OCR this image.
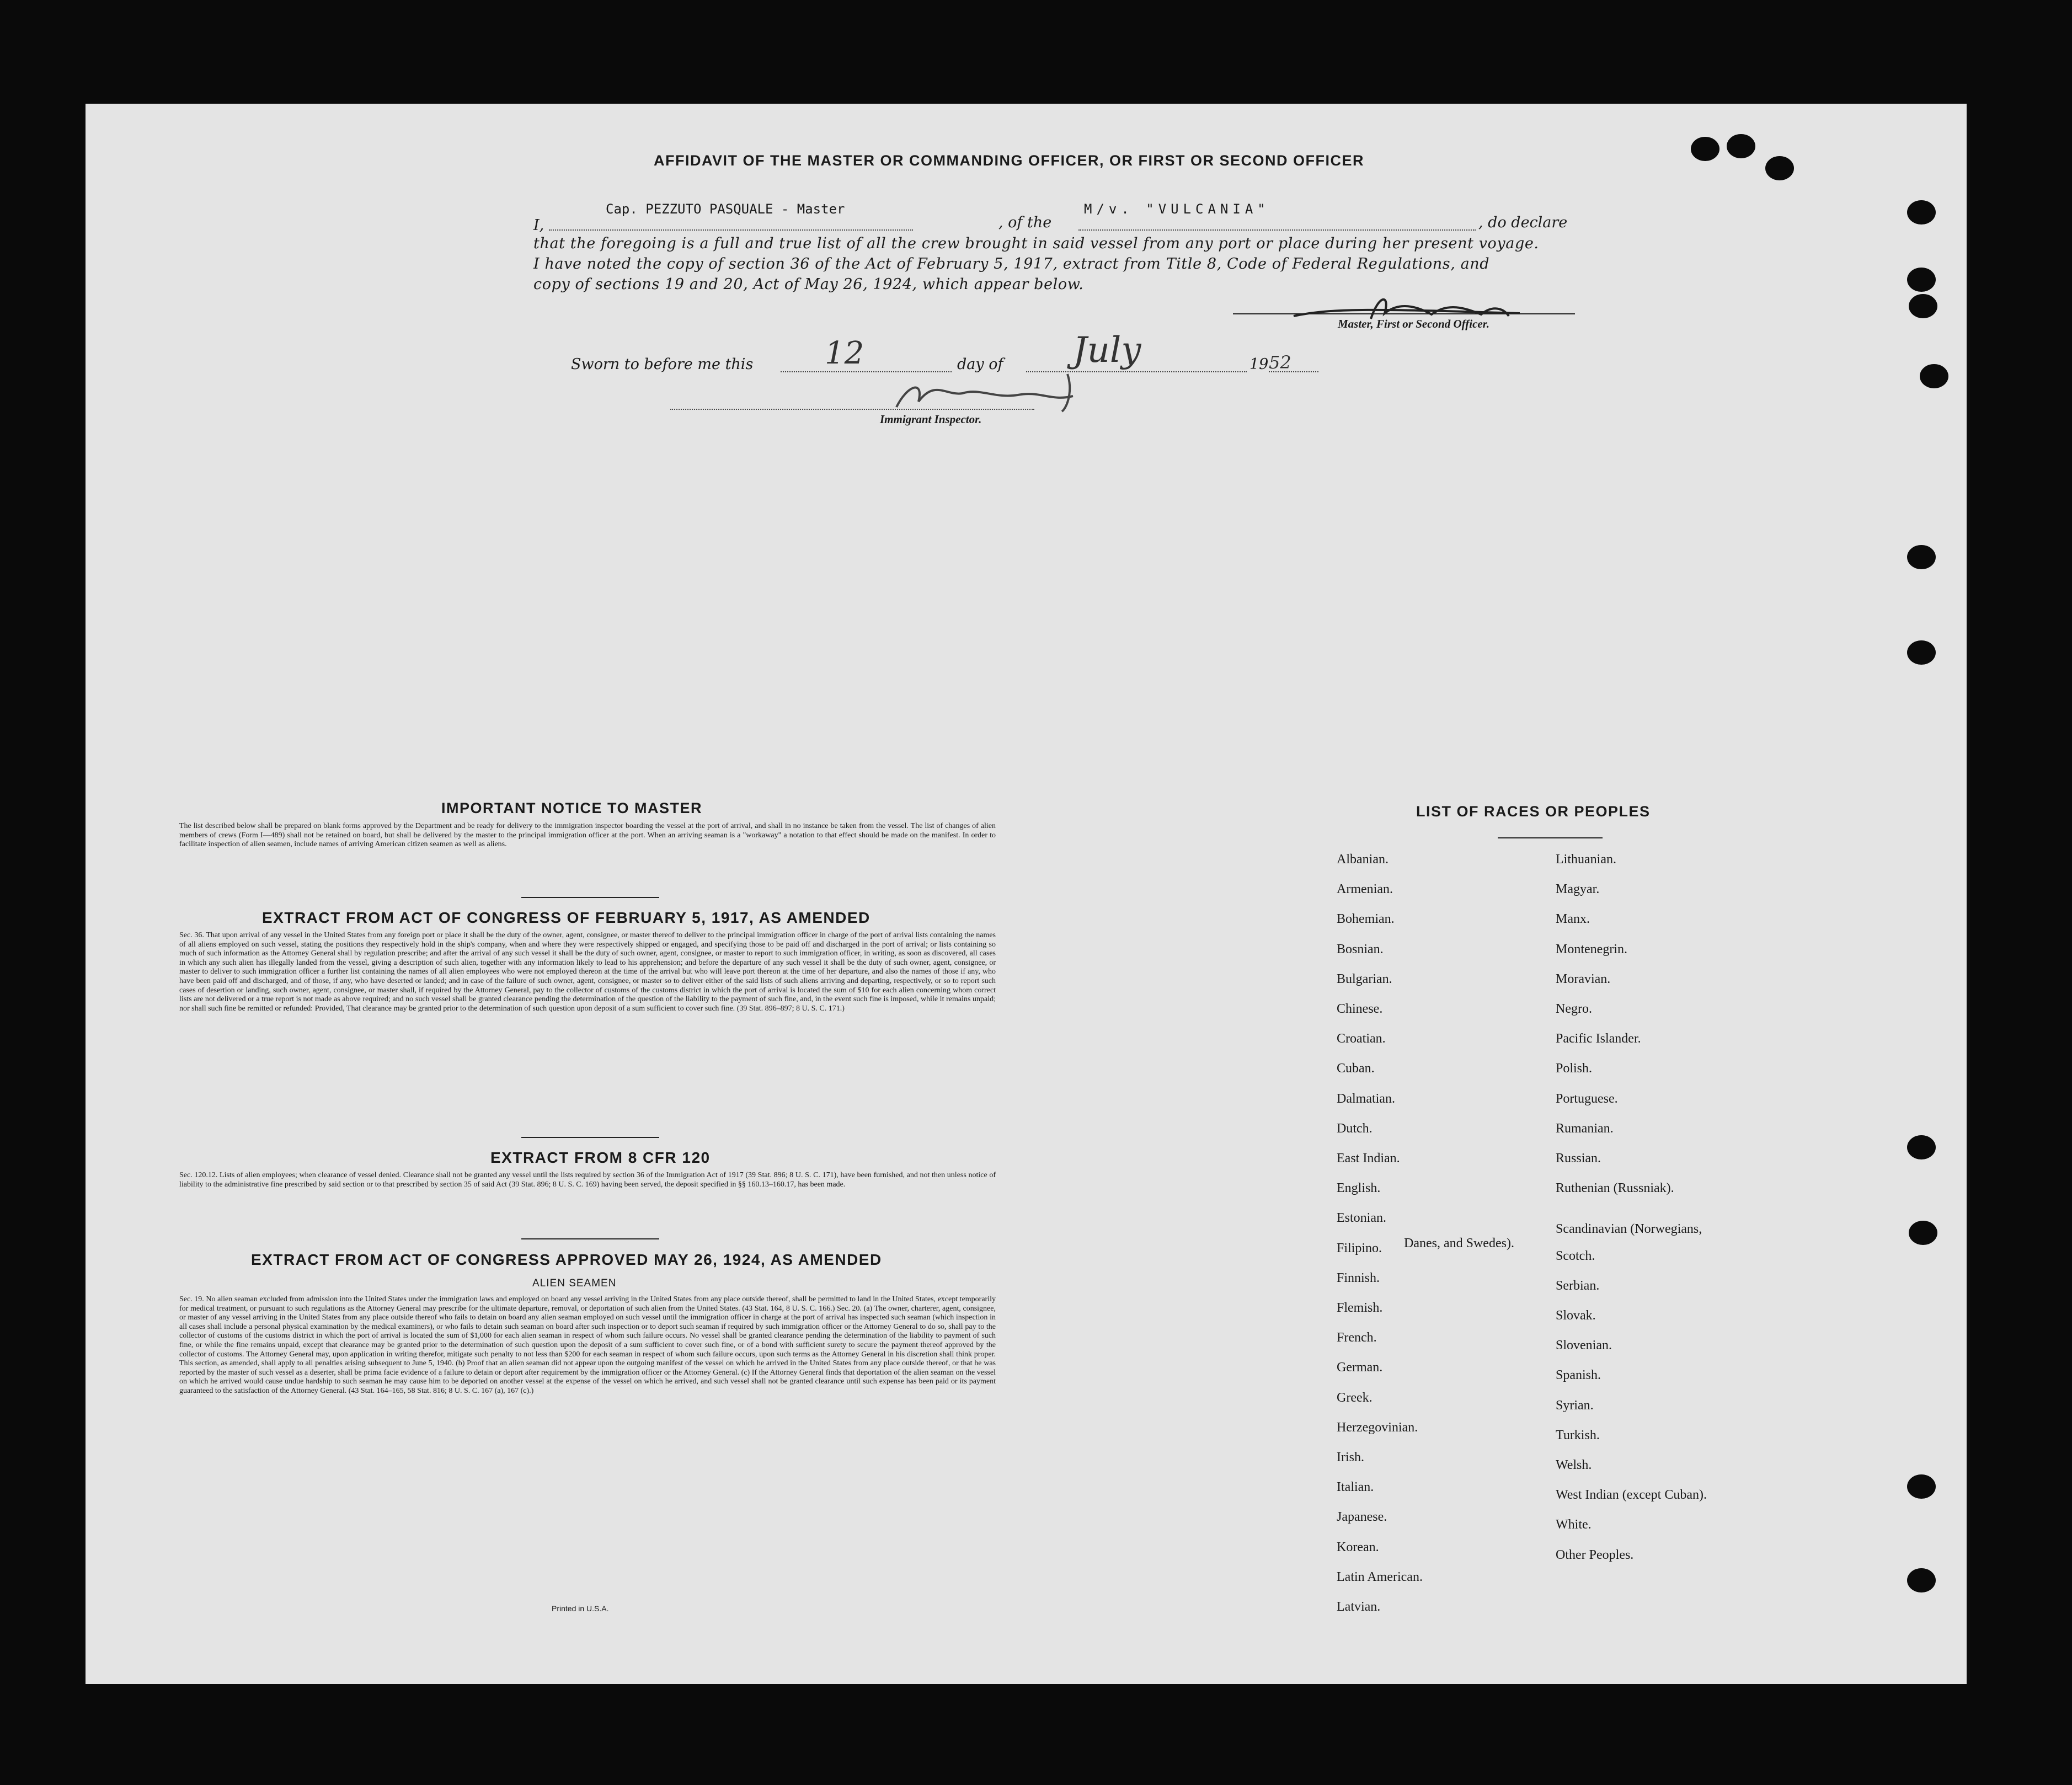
AFFIDAVIT OF THE MASTER OR COMMANDING OFFICER, OR FIRST OR SECOND OFFICER
I,
Cap. PEZZUTO PASQUALE - Master
, of the
M/v. "VULCANIA"
, do declare
that the foregoing is a full and true list of all the crew brought in said vessel from any port or place during her present voyage.
I have noted the copy of section 36 of the Act of February 5, 1917, extract from Title 8, Code of Federal Regulations, and
copy of sections 19 and 20, Act of May 26, 1924, which appear below.
Master, First or Second Officer.
Sworn to before me this 12	day of July	19 52
Immigrant Inspector.
IMPORTANT NOTICE TO MASTER
The list described below shall be prepared on blank forms approved by the Department and be ready for delivery to the immigration inspector boarding the vessel at the port of arrival, and shall in no instance be taken from the vessel. The list of changes of alien members of crews (Form I—489) shall not be retained on board, but shall be delivered by the master to the principal immigration officer at the port. When an arriving seaman is a "workaway" a notation to that effect should be made on the manifest. In order to facilitate inspection of alien seamen, include names of arriving American citizen seamen as well as aliens.
EXTRACT FROM ACT OF CONGRESS OF FEBRUARY 5, 1917, AS AMENDED
Sec. 36. That upon arrival of any vessel in the United States from any foreign port or place it shall be the duty of the owner, agent, consignee, or master thereof to deliver to the principal immigration officer in charge of the port of arrival lists containing the names of all aliens employed on such vessel, stating the positions they respectively hold in the ship's company, when and where they were respectively shipped or engaged, and specifying those to be paid off and discharged in the port of arrival; or lists containing so much of such information as the Attorney General shall by regulation prescribe; and after the arrival of any such vessel it shall be the duty of such owner, agent, consignee, or master to report to such immigration officer, in writing, as soon as discovered, all cases in which any such alien has illegally landed from the vessel, giving a description of such alien, together with any information likely to lead to his apprehension; and before the departure of any such vessel it shall be the duty of such owner, agent, consignee, or master to deliver to such immigration officer a further list containing the names of all alien employees who were not employed thereon at the time of the arrival but who will leave port thereon at the time of her departure, and also the names of those if any, who have been paid off and discharged, and of those, if any, who have deserted or landed; and in case of the failure of such owner, agent, consignee, or master so to deliver either of the said lists of such aliens arriving and departing, respectively, or so to report such cases of desertion or landing, such owner, agent, consignee, or master shall, if required by the Attorney General, pay to the collector of customs of the customs district in which the port of arrival is located the sum of $10 for each alien concerning whom correct lists are not delivered or a true report is not made as above required; and no such vessel shall be granted clearance pending the determination of the question of the liability to the payment of such fine, and, in the event such fine is imposed, while it remains unpaid; nor shall such fine be remitted or refunded: Provided, That clearance may be granted prior to the determination of such question upon deposit of a sum sufficient to cover such fine. (39 Stat. 896–897; 8 U. S. C. 171.)
EXTRACT FROM 8 CFR 120
Sec. 120.12. Lists of alien employees; when clearance of vessel denied. Clearance shall not be granted any vessel until the lists required by section 36 of the Immigration Act of 1917 (39 Stat. 896; 8 U. S. C. 171), have been furnished, and not then unless notice of liability to the administrative fine prescribed by said section or to that prescribed by section 35 of said Act (39 Stat. 896; 8 U. S. C. 169) having been served, the deposit specified in §§ 160.13–160.17, has been made.
EXTRACT FROM ACT OF CONGRESS APPROVED MAY 26, 1924, AS AMENDED
ALIEN SEAMEN
Sec. 19. No alien seaman excluded from admission into the United States under the immigration laws and employed on board any vessel arriving in the United States from any place outside thereof, shall be permitted to land in the United States, except temporarily for medical treatment, or pursuant to such regulations as the Attorney General may prescribe for the ultimate departure, removal, or deportation of such alien from the United States. (43 Stat. 164, 8 U. S. C. 166.) Sec. 20. (a) The owner, charterer, agent, consignee, or master of any vessel arriving in the United States from any place outside thereof who fails to detain on board any alien seaman employed on such vessel until the immigration officer in charge at the port of arrival has inspected such seaman (which inspection in all cases shall include a personal physical examination by the medical examiners), or who fails to detain such seaman on board after such inspection or to deport such seaman if required by such immigration officer or the Attorney General to do so, shall pay to the collector of customs of the customs district in which the port of arrival is located the sum of $1,000 for each alien seaman in respect of whom such failure occurs. No vessel shall be granted clearance pending the determination of the liability to payment of such fine, or while the fine remains unpaid, except that clearance may be granted prior to the determination of such question upon the deposit of a sum sufficient to cover such fine, or of a bond with sufficient surety to secure the payment thereof approved by the collector of customs. The Attorney General may, upon application in writing therefor, mitigate such penalty to not less than $200 for each seaman in respect of whom such failure occurs, upon such terms as the Attorney General in his discretion shall think proper. This section, as amended, shall apply to all penalties arising subsequent to June 5, 1940. (b) Proof that an alien seaman did not appear upon the outgoing manifest of the vessel on which he arrived in the United States from any place outside thereof, or that he was reported by the master of such vessel as a deserter, shall be prima facie evidence of a failure to detain or deport after requirement by the immigration officer or the Attorney General. (c) If the Attorney General finds that deportation of the alien seaman on the vessel on which he arrived would cause undue hardship to such seaman he may cause him to be deported on another vessel at the expense of the vessel on which he arrived, and such vessel shall not be granted clearance until such expense has been paid or its payment guaranteed to the satisfaction of the Attorney General. (43 Stat. 164–165, 58 Stat. 816; 8 U. S. C. 167 (a), 167 (c).)
Printed in U.S.A.
LIST OF RACES OR PEOPLES
Albanian.
Armenian.
Bohemian.
Bosnian.
Bulgarian.
Chinese.
Croatian.
Cuban.
Dalmatian.
Dutch.
East Indian.
English.
Estonian.
Filipino.
Finnish.
Flemish.
French.
German.
Greek.
Herzegovinian.
Irish.
Italian.
Japanese.
Korean.
Latin American.
Latvian.
Lithuanian.
Magyar.
Manx.
Montenegrin.
Moravian.
Negro.
Pacific Islander.
Polish.
Portuguese.
Rumanian.
Russian.
Ruthenian (Russniak).
Scandinavian (Norwegians,
Danes, and Swedes).
Scotch.
Serbian.
Slovak.
Slovenian.
Spanish.
Syrian.
Turkish.
Welsh.
West Indian (except Cuban).
White.
Other Peoples.
